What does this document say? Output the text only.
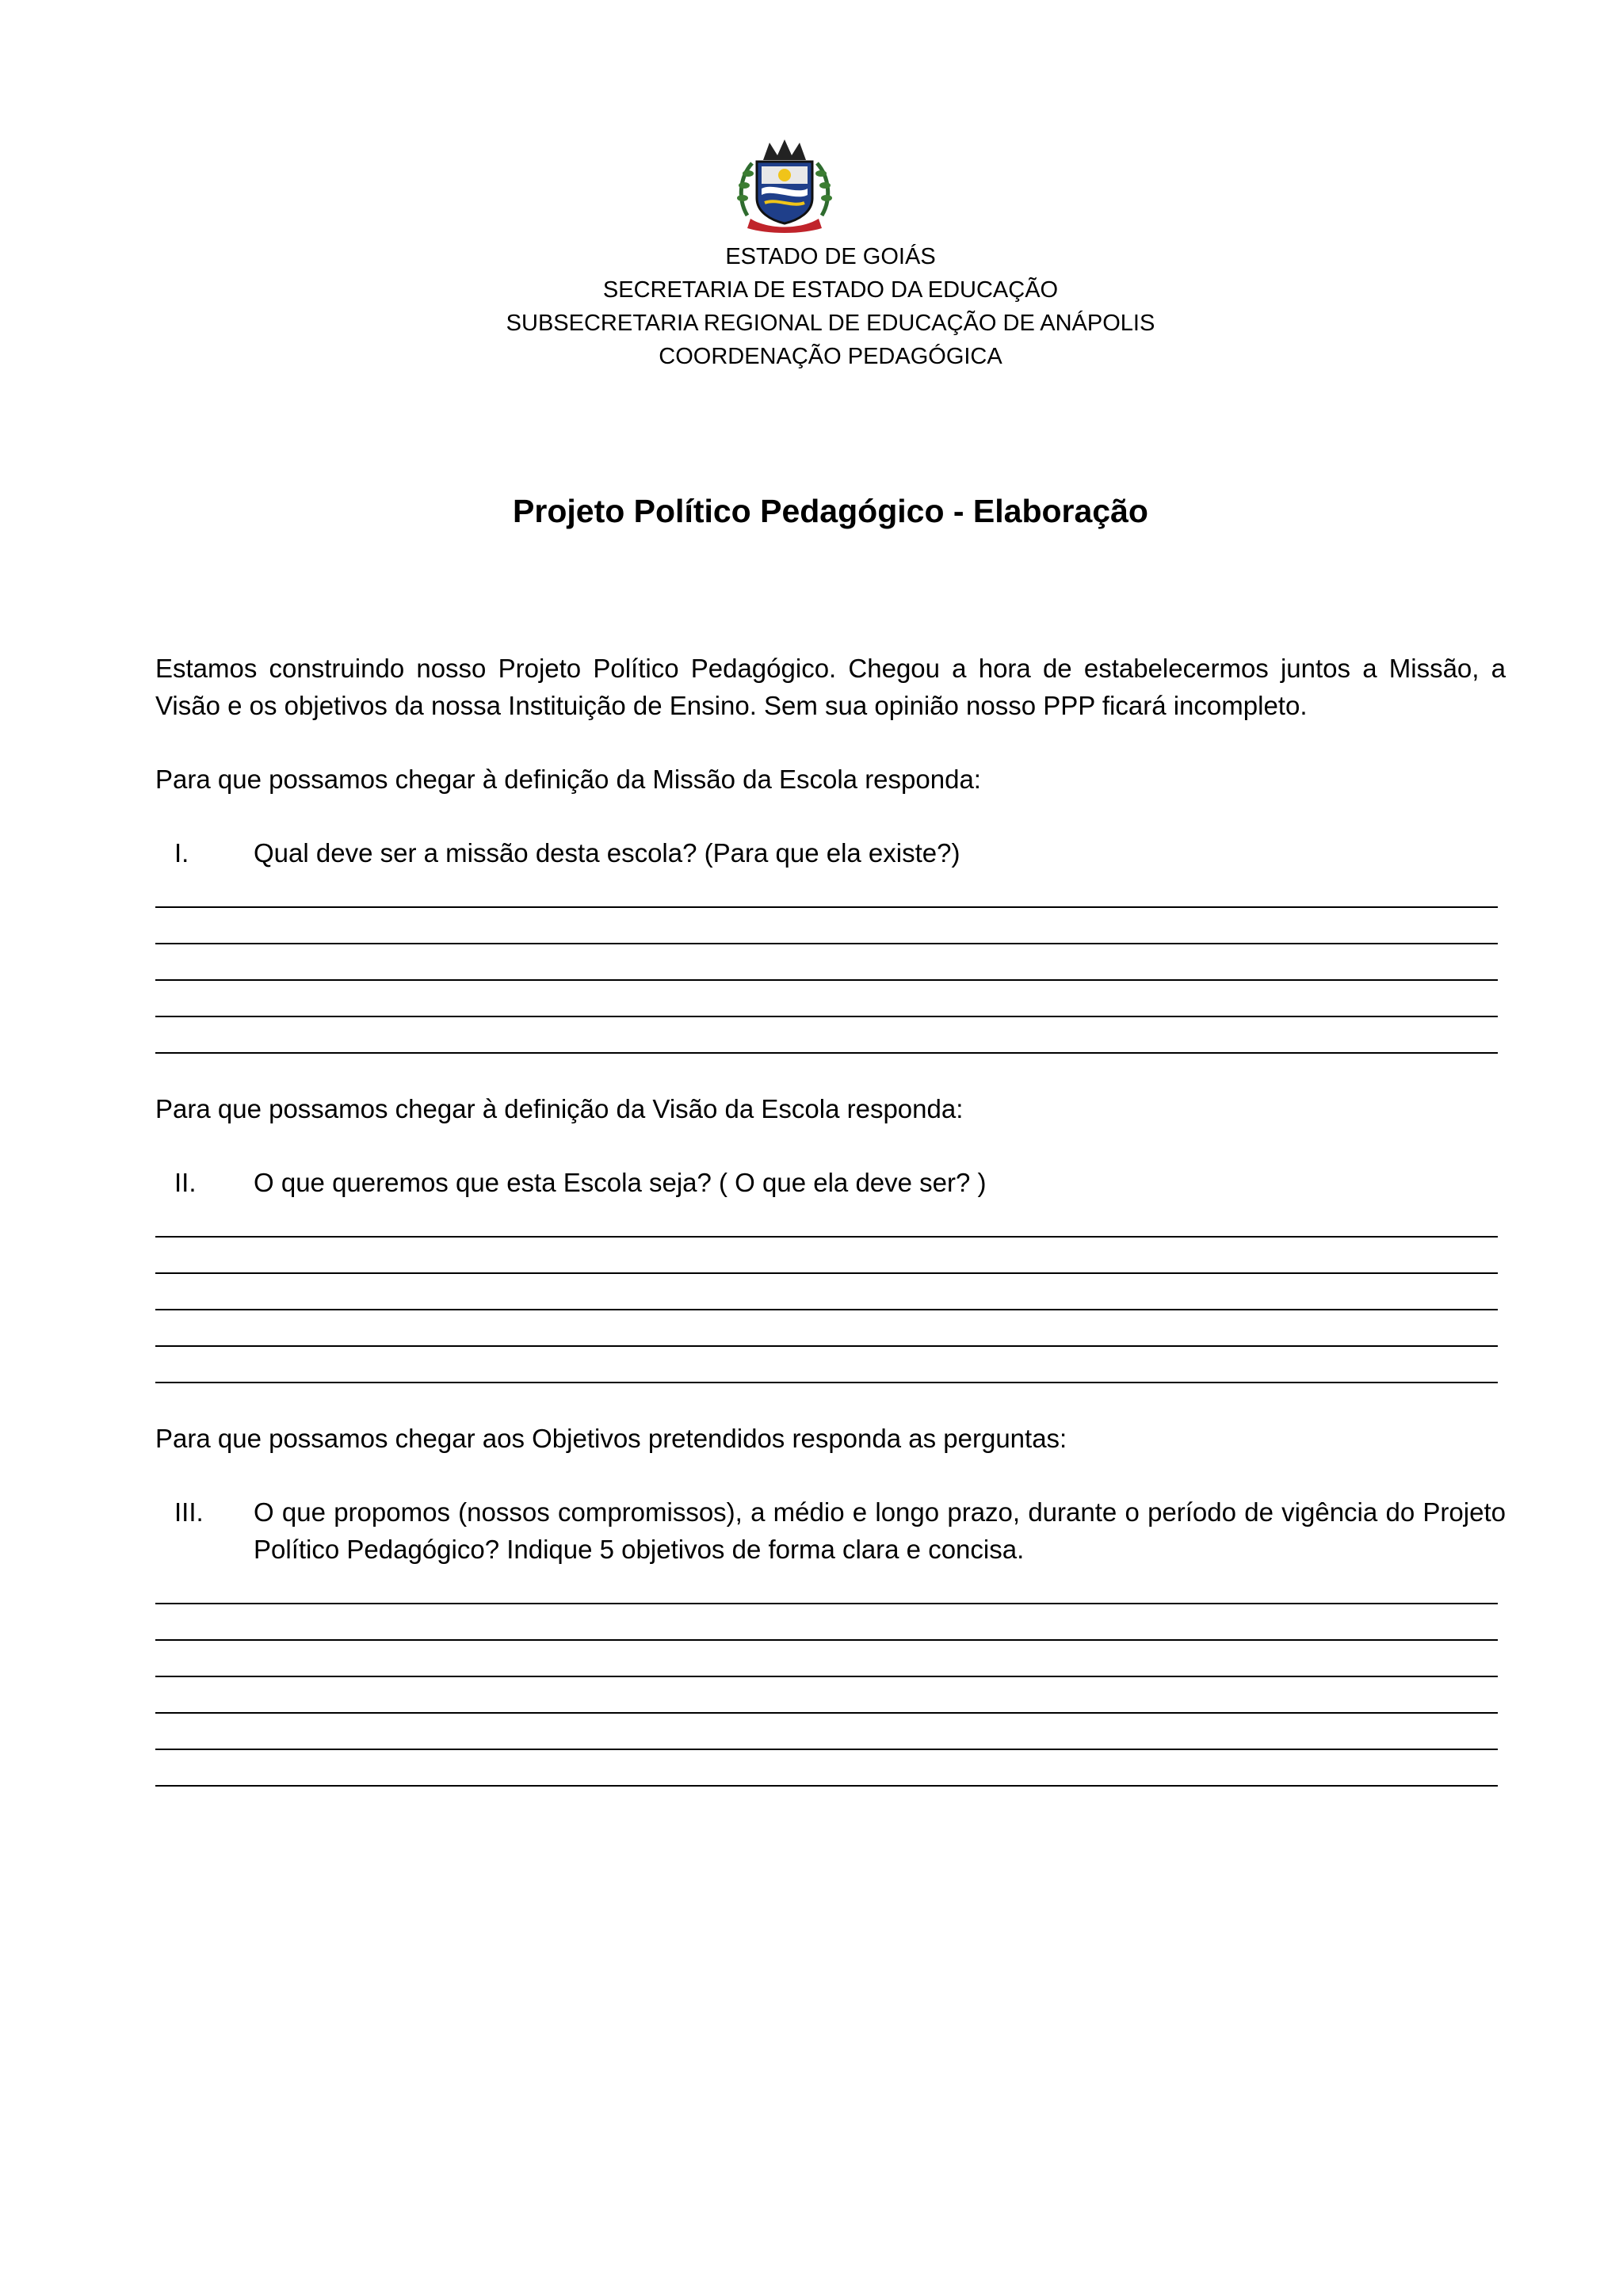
ESTADO DE GOIÁS
SECRETARIA DE ESTADO DA EDUCAÇÃO
SUBSECRETARIA REGIONAL DE EDUCAÇÃO DE ANÁPOLIS
COORDENAÇÃO PEDAGÓGICA
Projeto Político Pedagógico - Elaboração

Estamos construindo nosso Projeto Político Pedagógico. Chegou a hora de estabelecermos juntos a Missão, a Visão e os objetivos da nossa Instituição de Ensino. Sem sua opinião nosso PPP ficará incompleto.

Para que possamos chegar à definição da Missão da Escola responda:

I.	Qual deve ser a missão desta escola? (Para que ela existe?)

Para que possamos chegar à definição da Visão da Escola responda:

II.	O que queremos que esta Escola seja? ( O que ela deve ser? )

Para que possamos chegar aos Objetivos pretendidos responda as perguntas:

III.	O que propomos (nossos compromissos), a médio e longo prazo, durante o período de vigência do Projeto Político Pedagógico? Indique 5 objetivos de forma clara e concisa.
